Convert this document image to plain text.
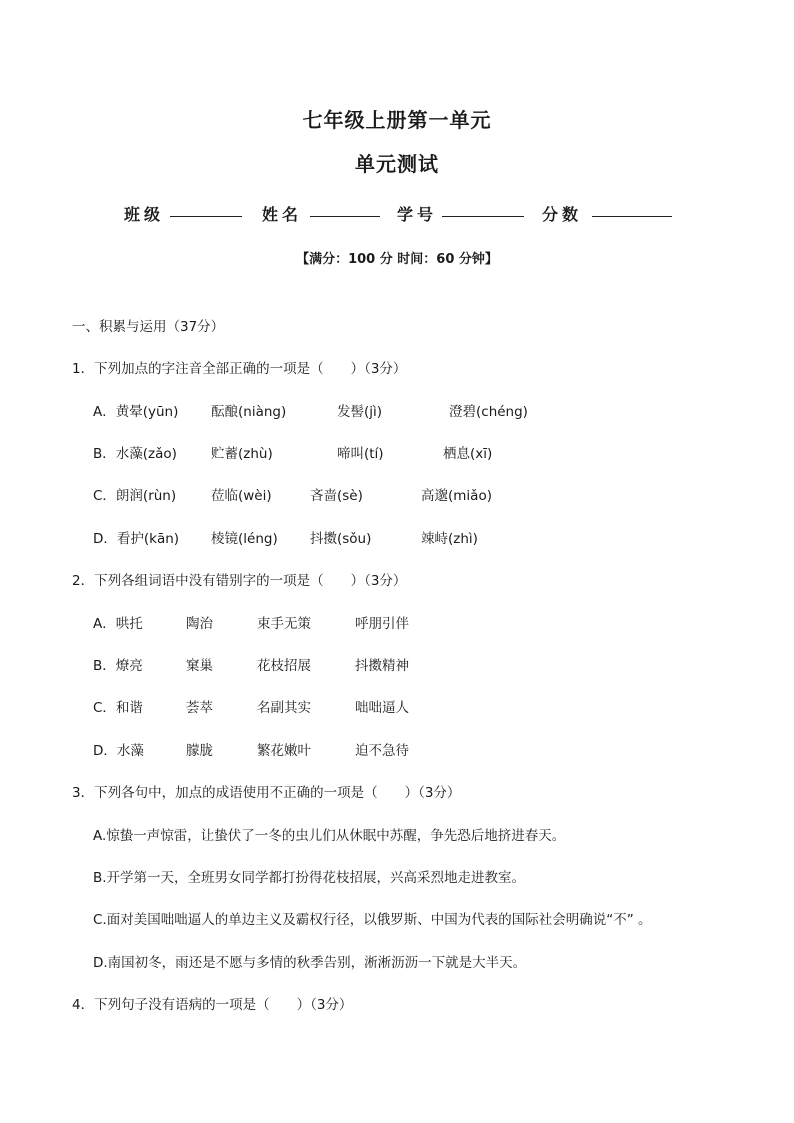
七年级上册第一单元
单元测试
班级	姓名	学号	分数
【满分：100 分 时间：60 分钟】
一、积累与运用（37分）
1．下列加点的字注音全部正确的一项是（　　）（3分）
A．黄晕(yūn) 酝酿(niàng)	发髻(jì)	澄碧(chéng)
B．水藻(zǎo)	贮蓄(zhù)	啼叫(tí)	栖息(xī)
C．朗润(rùn)	莅临(wèi)	吝啬(sè)	高邈(miǎo)
D．看护(kān) 棱镜(léng) 抖擞(sǒu)	竦峙(zhì)
2．下列各组词语中没有错别字的一项是（　　）（3分）
A．哄托	陶治	束手无策	呼朋引伴
B．燎亮	窠巢	花枝招展	抖擞精神
C．和谐	荟萃	名副其实	咄咄逼人
D．水藻	朦胧	繁花嫩叶	迫不急待
3．下列各句中，加点的成语使用不正确的一项是（　　）（3分）
A.惊蛰一声惊雷，让蛰伏了一冬的虫儿们从休眠中苏醒，争先恐后地挤进春天。
B.开学第一天，全班男女同学都打扮得花枝招展，兴高采烈地走进教室。
C.面对美国咄咄逼人的单边主义及霸权行径，以俄罗斯、中国为代表的国际社会明确说“不” 。
D.南国初冬，雨还是不愿与多情的秋季告别，淅淅沥沥一下就是大半天。
4．下列句子没有语病的一项是（　　）（3分）
